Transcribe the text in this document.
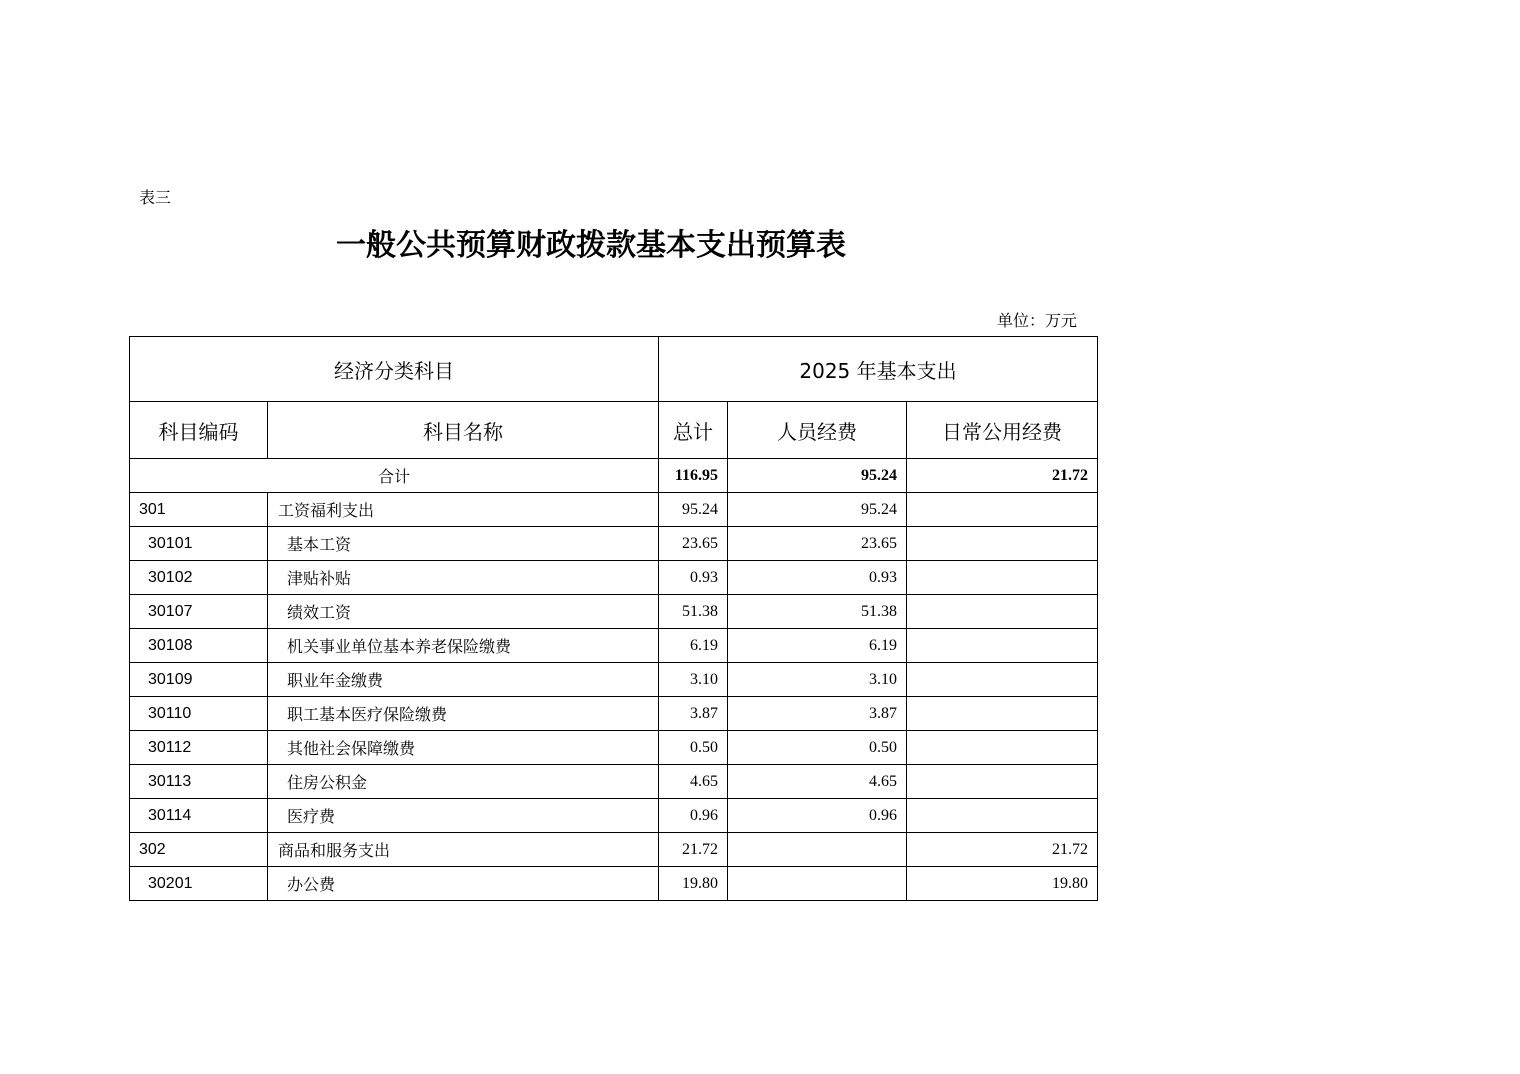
表三
一般公共预算财政拨款基本支出预算表
单位：万元
经济分类科目		2025 年基本支出		
科目编码	科目名称	总计	人员经费	日常公用经费
合计		116.95	95.24	21.72
301	工资福利支出	95.24	95.24	
30101	基本工资	23.65	23.65	
30102	津贴补贴	0.93	0.93	
30107	绩效工资	51.38	51.38	
30108	机关事业单位基本养老保险缴费	6.19	6.19	
30109	职业年金缴费	3.10	3.10	
30110	职工基本医疗保险缴费	3.87	3.87	
30112	其他社会保障缴费	0.50	0.50	
30113	住房公积金	4.65	4.65	
30114	医疗费	0.96	0.96	
302	商品和服务支出	21.72		21.72
30201	办公费	19.80		19.80
